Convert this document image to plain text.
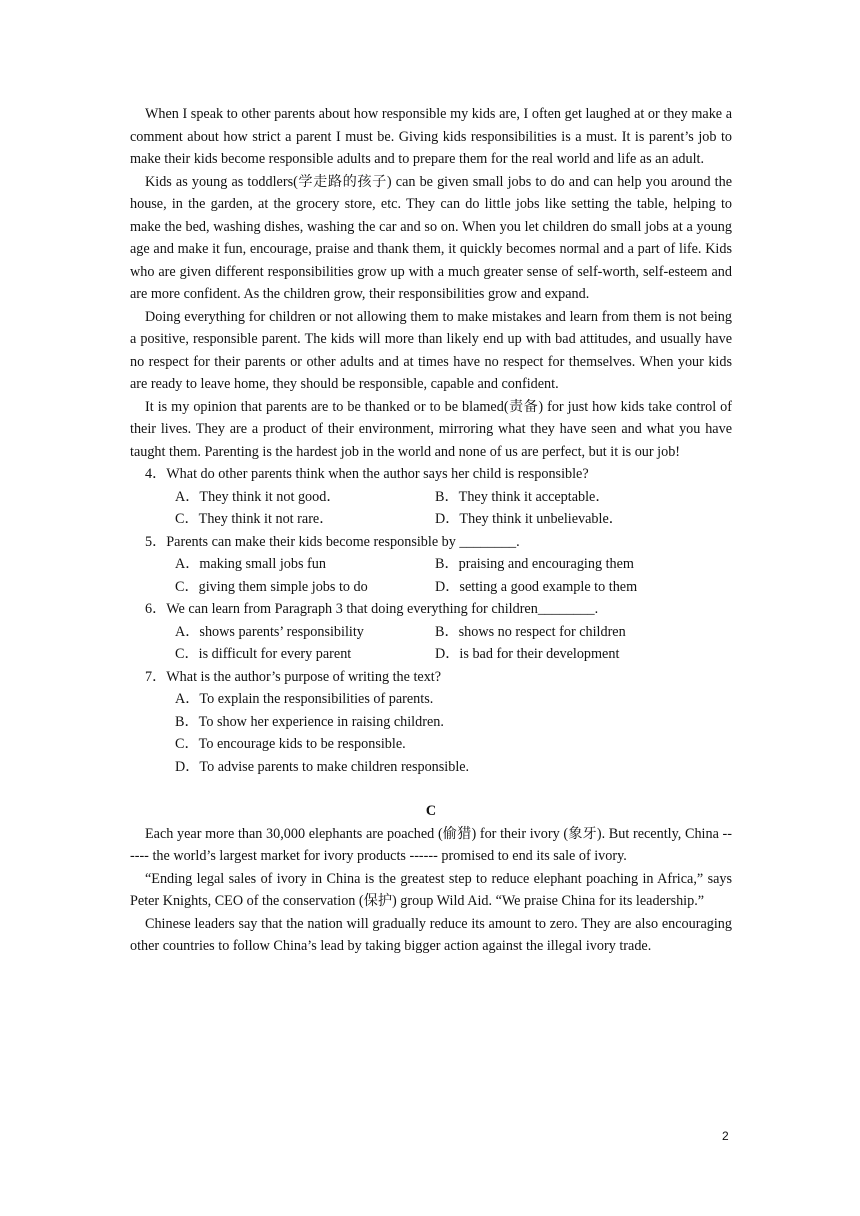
When I speak to other parents about how responsible my kids are, I often get laughed at or they make a comment about how strict a parent I must be. Giving kids responsibilities is a must. It is parent’s job to make their kids become responsible adults and to prepare them for the real world and life as an adult.

Kids as young as toddlers(学走路的孩子) can be given small jobs to do and can help you around the house, in the garden, at the grocery store, etc. They can do little jobs like setting the table, helping to make the bed, washing dishes, washing the car and so on. When you let children do small jobs at a young age and make it fun, encourage, praise and thank them, it quickly becomes normal and a part of life. Kids who are given different responsibilities grow up with a much greater sense of self-worth, self-esteem and are more confident. As the children grow, their responsibilities grow and expand.

Doing everything for children or not allowing them to make mistakes and learn from them is not being a positive, responsible parent. The kids will more than likely end up with bad attitudes, and usually have no respect for their parents or other adults and at times have no respect for themselves. When your kids are ready to leave home, they should be responsible, capable and confident.

It is my opinion that parents are to be thanked or to be blamed(责备) for just how kids take control of their lives. They are a product of their environment, mirroring what they have seen and what you have taught them. Parenting is the hardest job in the world and none of us are perfect, but it is our job!

4．What do other parents think when the author says her child is responsible?
A．They think it not good．	B．They think it acceptable．
C．They think it not rare．	D．They think it unbelievable．
5．Parents can make their kids become responsible by ________.
A．making small jobs fun	B．praising and encouraging them
C．giving them simple jobs to do	D．setting a good example to them
6．We can learn from Paragraph 3 that doing everything for children________.
A．shows parents’ responsibility	B．shows no respect for children
C．is difficult for every parent	D．is bad for their development
7．What is the author’s purpose of writing the text?
A．To explain the responsibilities of parents.
B．To show her experience in raising children.
C．To encourage kids to be responsible.
D．To advise parents to make children responsible.
C

Each year more than 30,000 elephants are poached (偷猎) for their ivory (象牙). But recently, China ------ the world’s largest market for ivory products ------ promised to end its sale of ivory.

“Ending legal sales of ivory in China is the greatest step to reduce elephant poaching in Africa,” says Peter Knights, CEO of the conservation (保护) group Wild Aid. “We praise China for its leadership.”

Chinese leaders say that the nation will gradually reduce its amount to zero. They are also encouraging other countries to follow China’s lead by taking bigger action against the illegal ivory trade.

2
